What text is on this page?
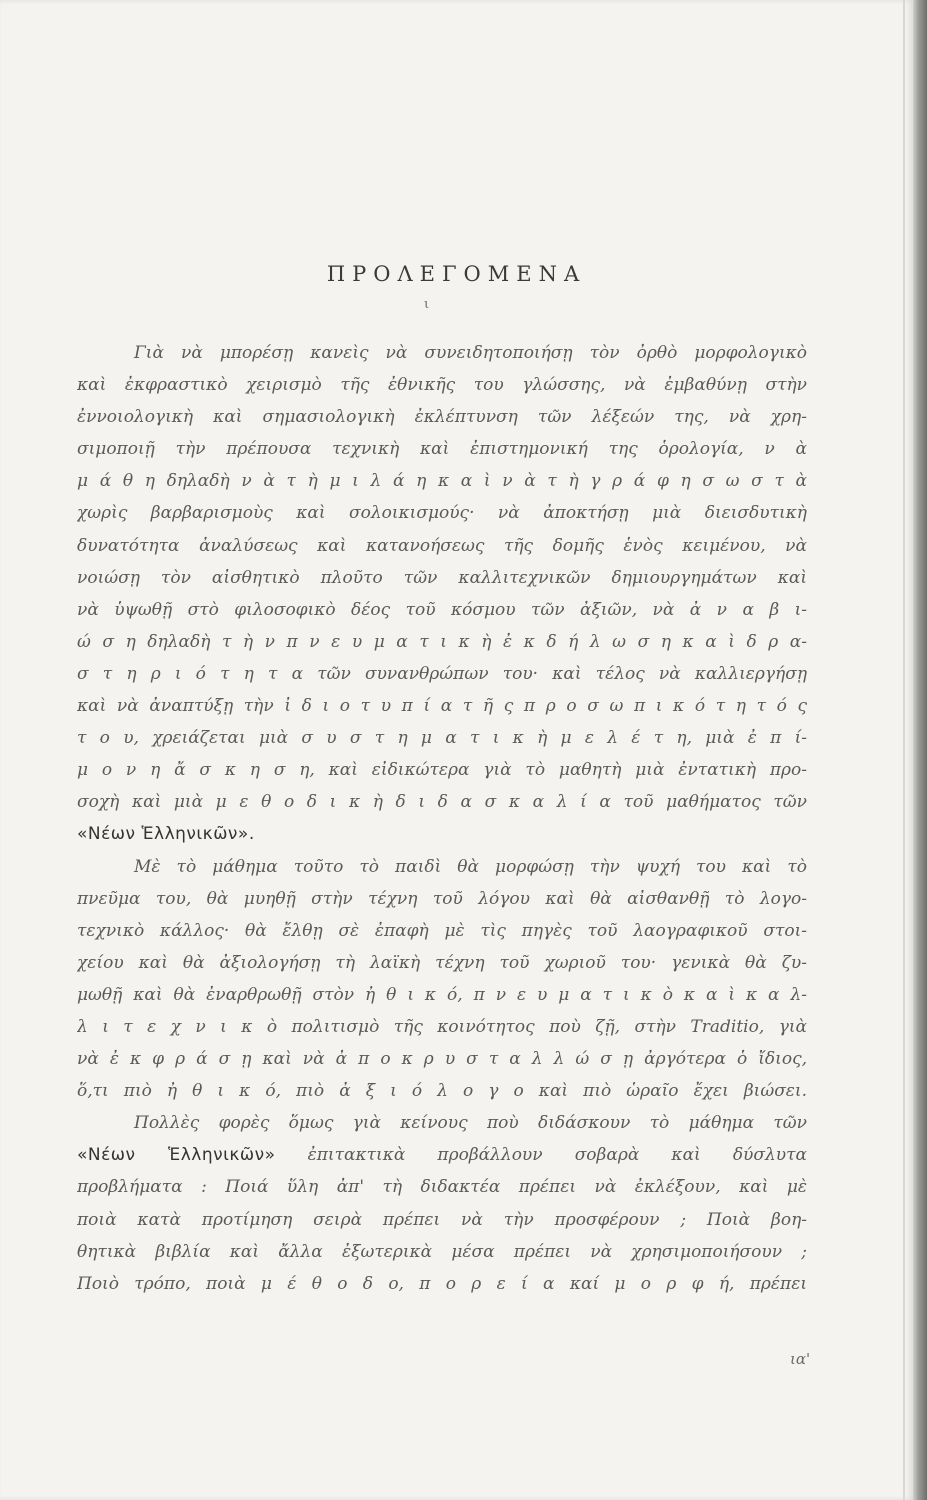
ΠΡΟΛΕΓΟΜΕΝΑ
ι
Γιὰ νὰ μπορέσῃ κανεὶς νὰ συνειδητοποιήσῃ τὸν ὀρθὸ μορφολογικὸ
καὶ ἐκφραστικὸ χειρισμὸ τῆς ἐθνικῆς του γλώσσης, νὰ ἐμβαθύνῃ στὴν
ἐννοιολογικὴ καὶ σημασιολογικὴ ἐκλέπτυνση τῶν λέξεών της, νὰ χρη-
σιμοποιῇ τὴν πρέπουσα τεχνικὴ καὶ ἐπιστημονική της ὁρολογία, ν ὰ
μ ά θ η δηλαδὴ ν ὰ τ ὴ μ ι λ ά η κ α ὶ ν ὰ τ ὴ γ ρ ά φ η σ ω σ τ ὰ
χωρὶς βαρβαρισμοὺς καὶ σολοικισμούς· νὰ ἀποκτήσῃ μιὰ διεισδυτικὴ
δυνατότητα ἀναλύσεως καὶ κατανοήσεως τῆς δομῆς ἑνὸς κειμένου, νὰ
νοιώσῃ τὸν αἰσθητικὸ πλοῦτο τῶν καλλιτεχνικῶν δημιουργημάτων καὶ
νὰ ὑψωθῇ στὸ φιλοσοφικὸ δέος τοῦ κόσμου τῶν ἀξιῶν, νὰ ἀ ν α β ι-
ώ σ η δηλαδὴ τ ὴ ν π ν ε υ μ α τ ι κ ὴ ἐ κ δ ή λ ω σ η κ α ὶ δ ρ α-
σ τ η ρ ι ό τ η τ α τῶν συνανθρώπων του· καὶ τέλος νὰ καλλιεργήσῃ
καὶ νὰ ἀναπτύξῃ τὴν ἰ δ ι ο τ υ π ί α τ ῆ ς π ρ ο σ ω π ι κ ό τ η τ ό ς
τ ο υ, χρειάζεται μιὰ σ υ σ τ η μ α τ ι κ ὴ μ ε λ έ τ η, μιὰ ἐ π ί-
μ ο ν η ἄ σ κ η σ η, καὶ εἰδικώτερα γιὰ τὸ μαθητὴ μιὰ ἐντατικὴ προ-
σοχὴ καὶ μιὰ μ ε θ ο δ ι κ ὴ δ ι δ α σ κ α λ ί α τοῦ μαθήματος τῶν
«Νέων Ἑλληνικῶν».
Μὲ τὸ μάθημα τοῦτο τὸ παιδὶ θὰ μορφώσῃ τὴν ψυχή του καὶ τὸ
πνεῦμα του, θὰ μυηθῇ στὴν τέχνη τοῦ λόγου καὶ θὰ αἰσθανθῇ τὸ λογο-
τεχνικὸ κάλλος· θὰ ἔλθῃ σὲ ἐπαφὴ μὲ τὶς πηγὲς τοῦ λαογραφικοῦ στοι-
χείου καὶ θὰ ἀξιολογήσῃ τὴ λαϊκὴ τέχνη τοῦ χωριοῦ του· γενικὰ θὰ ζυ-
μωθῇ καὶ θὰ ἐναρθρωθῇ στὸν ἠ θ ι κ ό, π ν ε υ μ α τ ι κ ὸ κ α ὶ κ α λ-
λ ι τ ε χ ν ι κ ὸ πολιτισμὸ τῆς κοινότητος ποὺ ζῇ, στὴν Traditio, γιὰ
νὰ ἐ κ φ ρ ά σ ῃ καὶ νὰ ἀ π ο κ ρ υ σ τ α λ λ ώ σ ῃ ἀργότερα ὁ ἴδιος,
ὅ,τι πιὸ ἠ θ ι κ ό, πιὸ ἀ ξ ι ό λ ο γ ο καὶ πιὸ ὡραῖο ἔχει βιώσει.
Πολλὲς φορὲς ὅμως γιὰ κείνους ποὺ διδάσκουν τὸ μάθημα τῶν
«Νέων Ἑλληνικῶν» ἐπιτακτικὰ προβάλλουν σοβαρὰ καὶ δύσλυτα
προβλήματα : Ποιά ὕλη ἀπ' τὴ διδακτέα πρέπει νὰ ἐκλέξουν, καὶ μὲ
ποιὰ κατὰ προτίμηση σειρὰ πρέπει νὰ τὴν προσφέρουν ; Ποιὰ βοη-
θητικὰ βιβλία καὶ ἄλλα ἐξωτερικὰ μέσα πρέπει νὰ χρησιμοποιήσουν ;
Ποιὸ τρόπο, ποιὰ μ έ θ ο δ ο, π ο ρ ε ί α καί μ ο ρ φ ή, πρέπει
ια'
